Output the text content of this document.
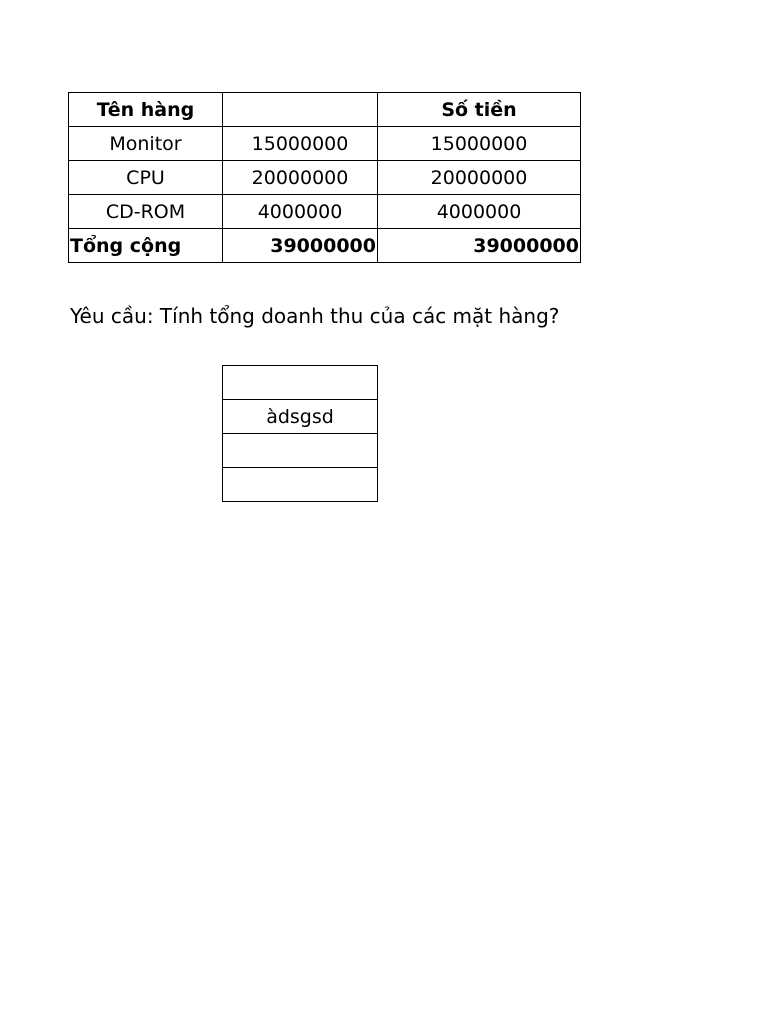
Tên hàng		Số tiền
Monitor	15000000	15000000
CPU	20000000	20000000
CD-ROM	4000000	4000000
Tổng cộng	39000000	39000000
Yêu cầu: Tính tổng doanh thu của các mặt hàng?

àdsgsd
